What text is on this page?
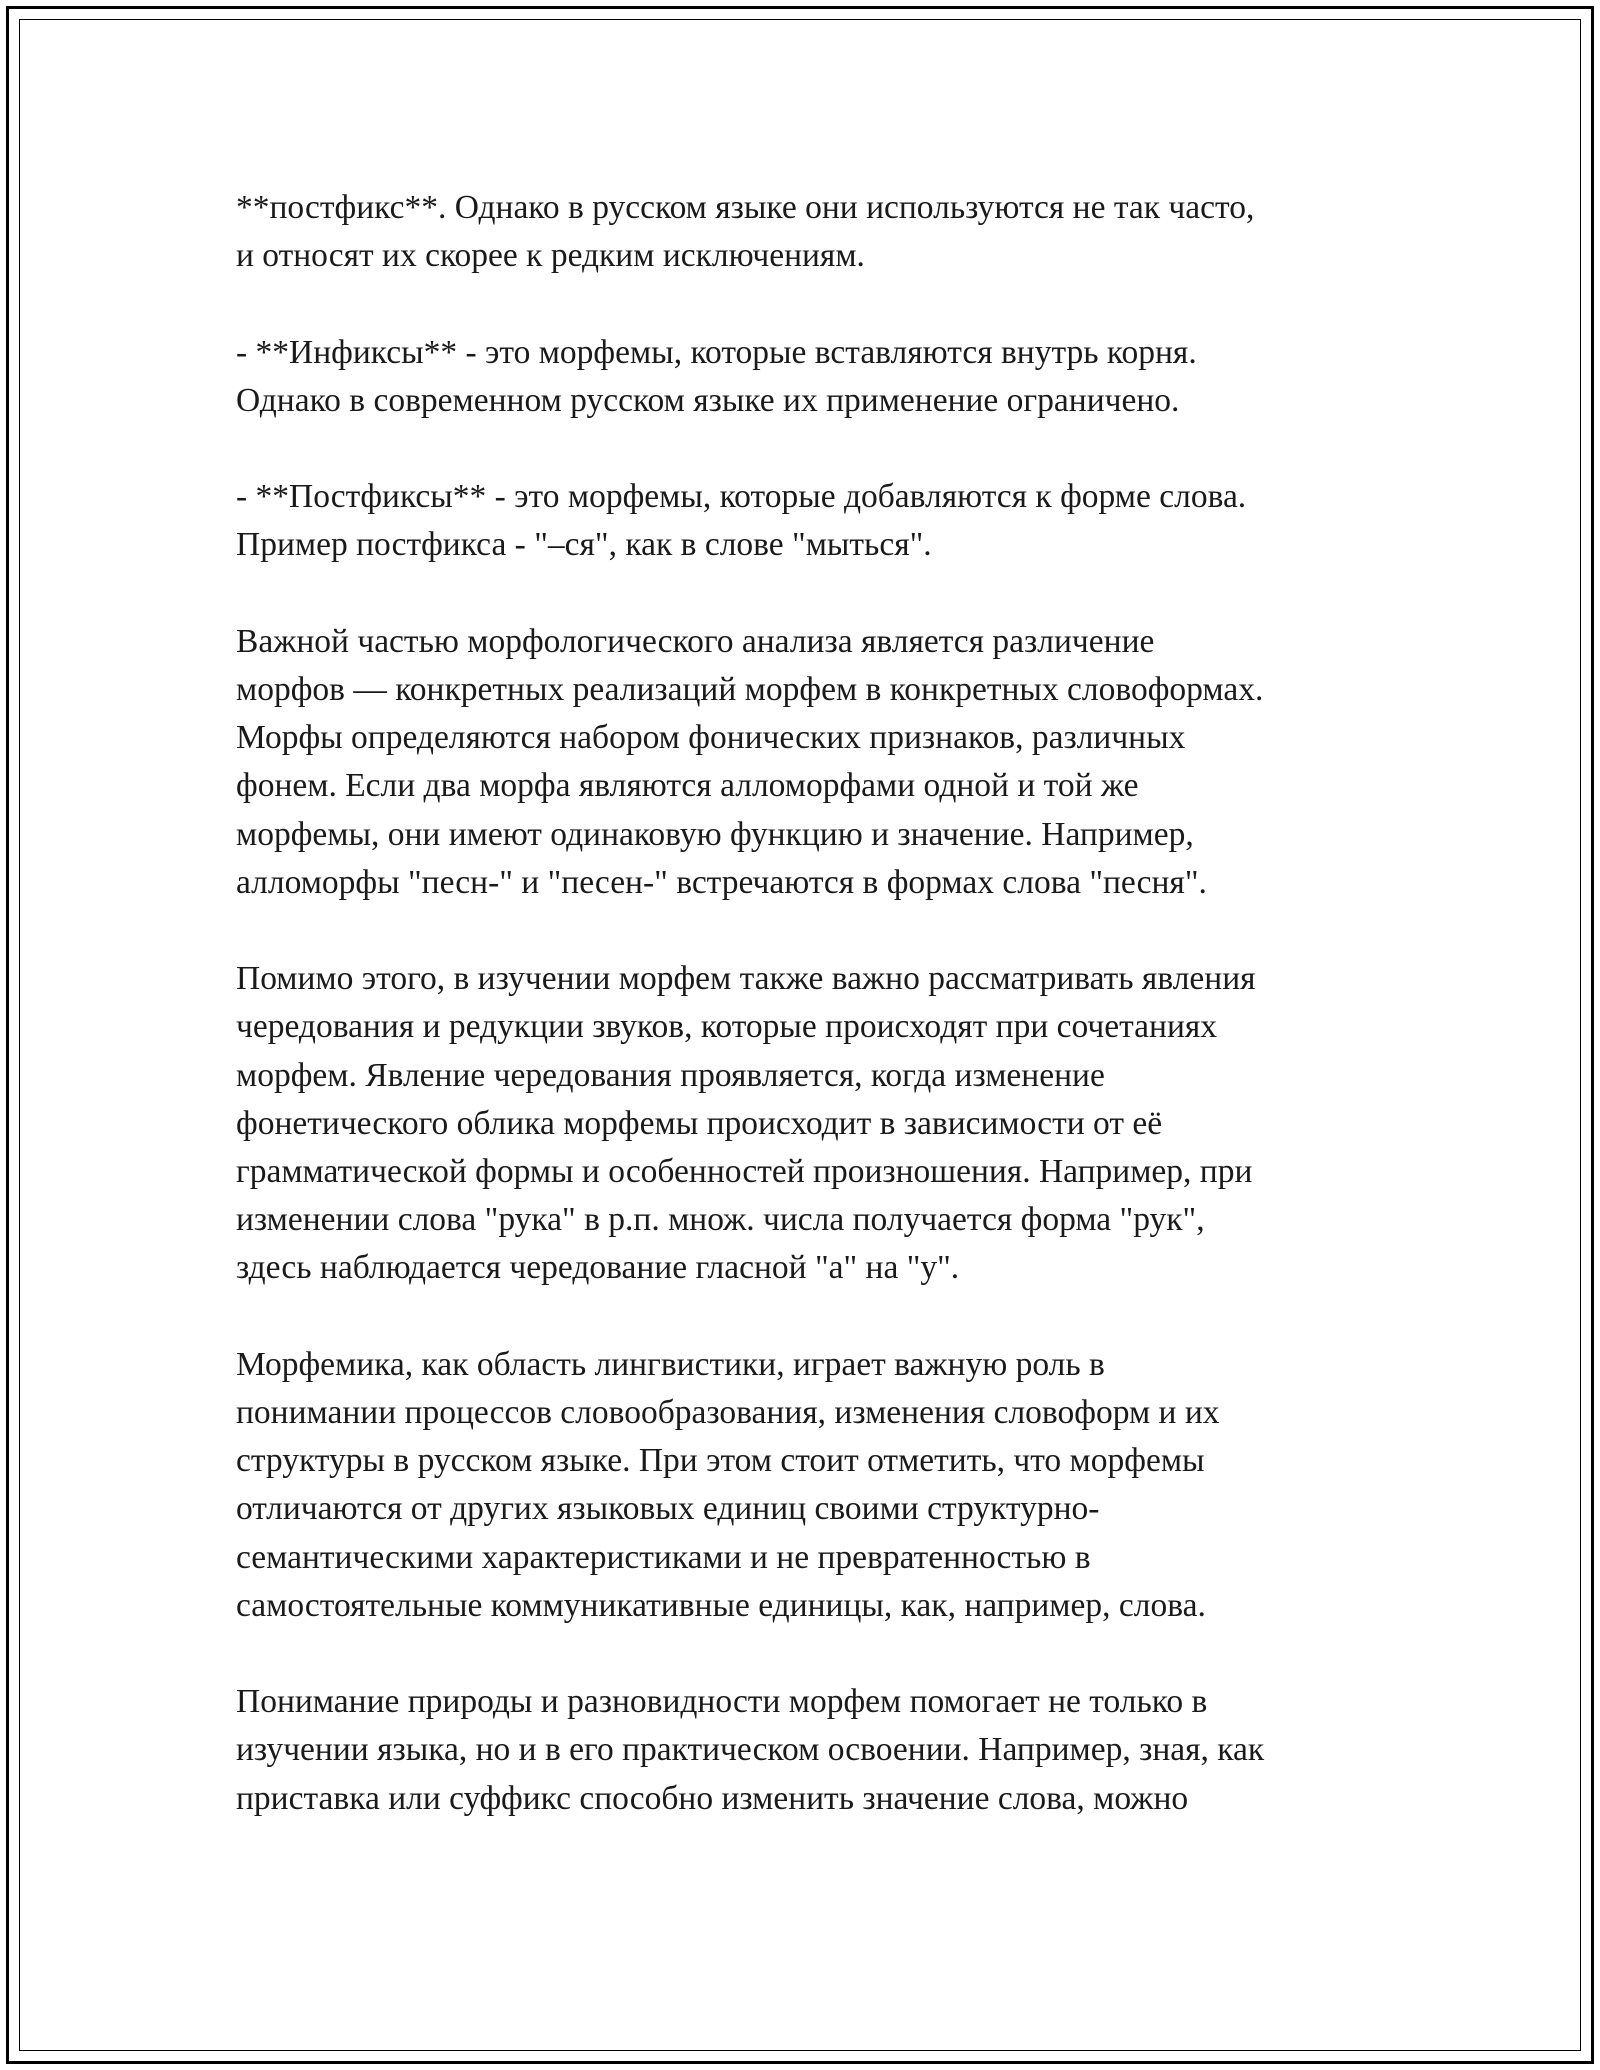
**постфикс**. Однако в русском языке они используются не так часто,
и относят их скорее к редким исключениям.

- **Инфиксы** - это морфемы, которые вставляются внутрь корня.
Однако в современном русском языке их применение ограничено.

- **Постфиксы** - это морфемы, которые добавляются к форме слова.
Пример постфикса - "–ся", как в слове "мыться".

Важной частью морфологического анализа является различение
морфов — конкретных реализаций морфем в конкретных словоформах.
Морфы определяются набором фонических признаков, различных
фонем. Если два морфа являются алломорфами одной и той же
морфемы, они имеют одинаковую функцию и значение. Например,
алломорфы "песн-" и "песен-" встречаются в формах слова "песня".

Помимо этого, в изучении морфем также важно рассматривать явления
чередования и редукции звуков, которые происходят при сочетаниях
морфем. Явление чередования проявляется, когда изменение
фонетического облика морфемы происходит в зависимости от её
грамматической формы и особенностей произношения. Например, при
изменении слова "рука" в р.п. множ. числа получается форма "рук",
здесь наблюдается чередование гласной "а" на "у".

Морфемика, как область лингвистики, играет важную роль в
понимании процессов словообразования, изменения словоформ и их
структуры в русском языке. При этом стоит отметить, что морфемы
отличаются от других языковых единиц своими структурно-
семантическими характеристиками и не превратенностью в
самостоятельные коммуникативные единицы, как, например, слова.

Понимание природы и разновидности морфем помогает не только в
изучении языка, но и в его практическом освоении. Например, зная, как
приставка или суффикс способно изменить значение слова, можно
